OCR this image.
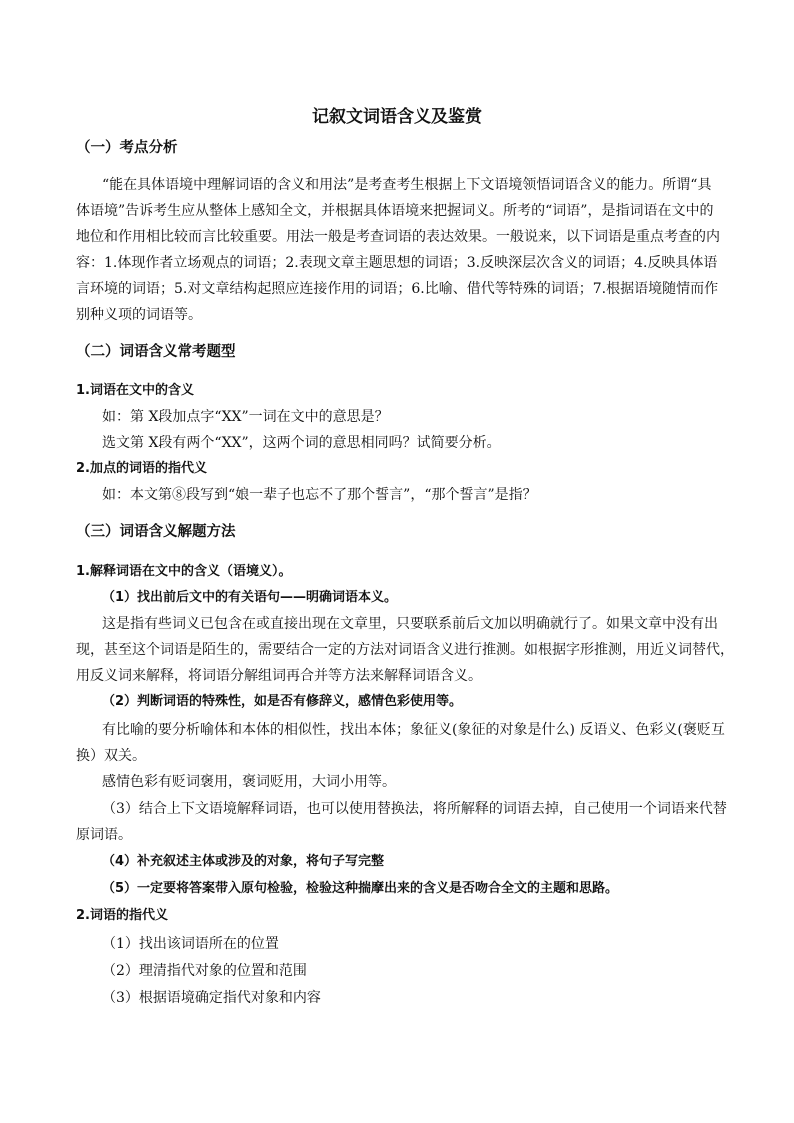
记叙文词语含义及鉴赏
（一）考点分析
“能在具体语境中理解词语的含义和用法”是考查考生根据上下文语境领悟词语含义的能力。所谓“具
体语境”告诉考生应从整体上感知全文，并根据具体语境来把握词义。所考的“词语”，是指词语在文中的
地位和作用相比较而言比较重要。用法一般是考查词语的表达效果。一般说来，以下词语是重点考查的内
容：1.体现作者立场观点的词语；2.表现文章主题思想的词语；3.反映深层次含义的词语；4.反映具体语
言环境的词语；5.对文章结构起照应连接作用的词语；6.比喻、借代等特殊的词语；7.根据语境随情而作
别种义项的词语等。
（二）词语含义常考题型
1.词语在文中的含义
如：第 X段加点字“XX”一词在文中的意思是？
选文第 X段有两个“XX”，这两个词的意思相同吗？试简要分析。
2.加点的词语的指代义
如：本文第⑧段写到“娘一辈子也忘不了那个誓言”，“那个誓言”是指？
（三）词语含义解题方法
1.解释词语在文中的含义（语境义）。
（1）找出前后文中的有关语句——明确词语本义。
这是指有些词义已包含在或直接出现在文章里，只要联系前后文加以明确就行了。如果文章中没有出
现，甚至这个词语是陌生的，需要结合一定的方法对词语含义进行推测。如根据字形推测，用近义词替代，
用反义词来解释，将词语分解组词再合并等方法来解释词语含义。
（2）判断词语的特殊性，如是否有修辞义，感情色彩使用等。
有比喻的要分析喻体和本体的相似性，找出本体；象征义(象征的对象是什么) 反语义、色彩义(褒贬互
换）双关。
感情色彩有贬词褒用，褒词贬用，大词小用等。
（3）结合上下文语境解释词语，也可以使用替换法，将所解释的词语去掉，自己使用一个词语来代替
原词语。
（4）补充叙述主体或涉及的对象，将句子写完整
（5）一定要将答案带入原句检验，检验这种揣摩出来的含义是否吻合全文的主题和思路。
2.词语的指代义
（1）找出该词语所在的位置
（2）理清指代对象的位置和范围
（3）根据语境确定指代对象和内容
